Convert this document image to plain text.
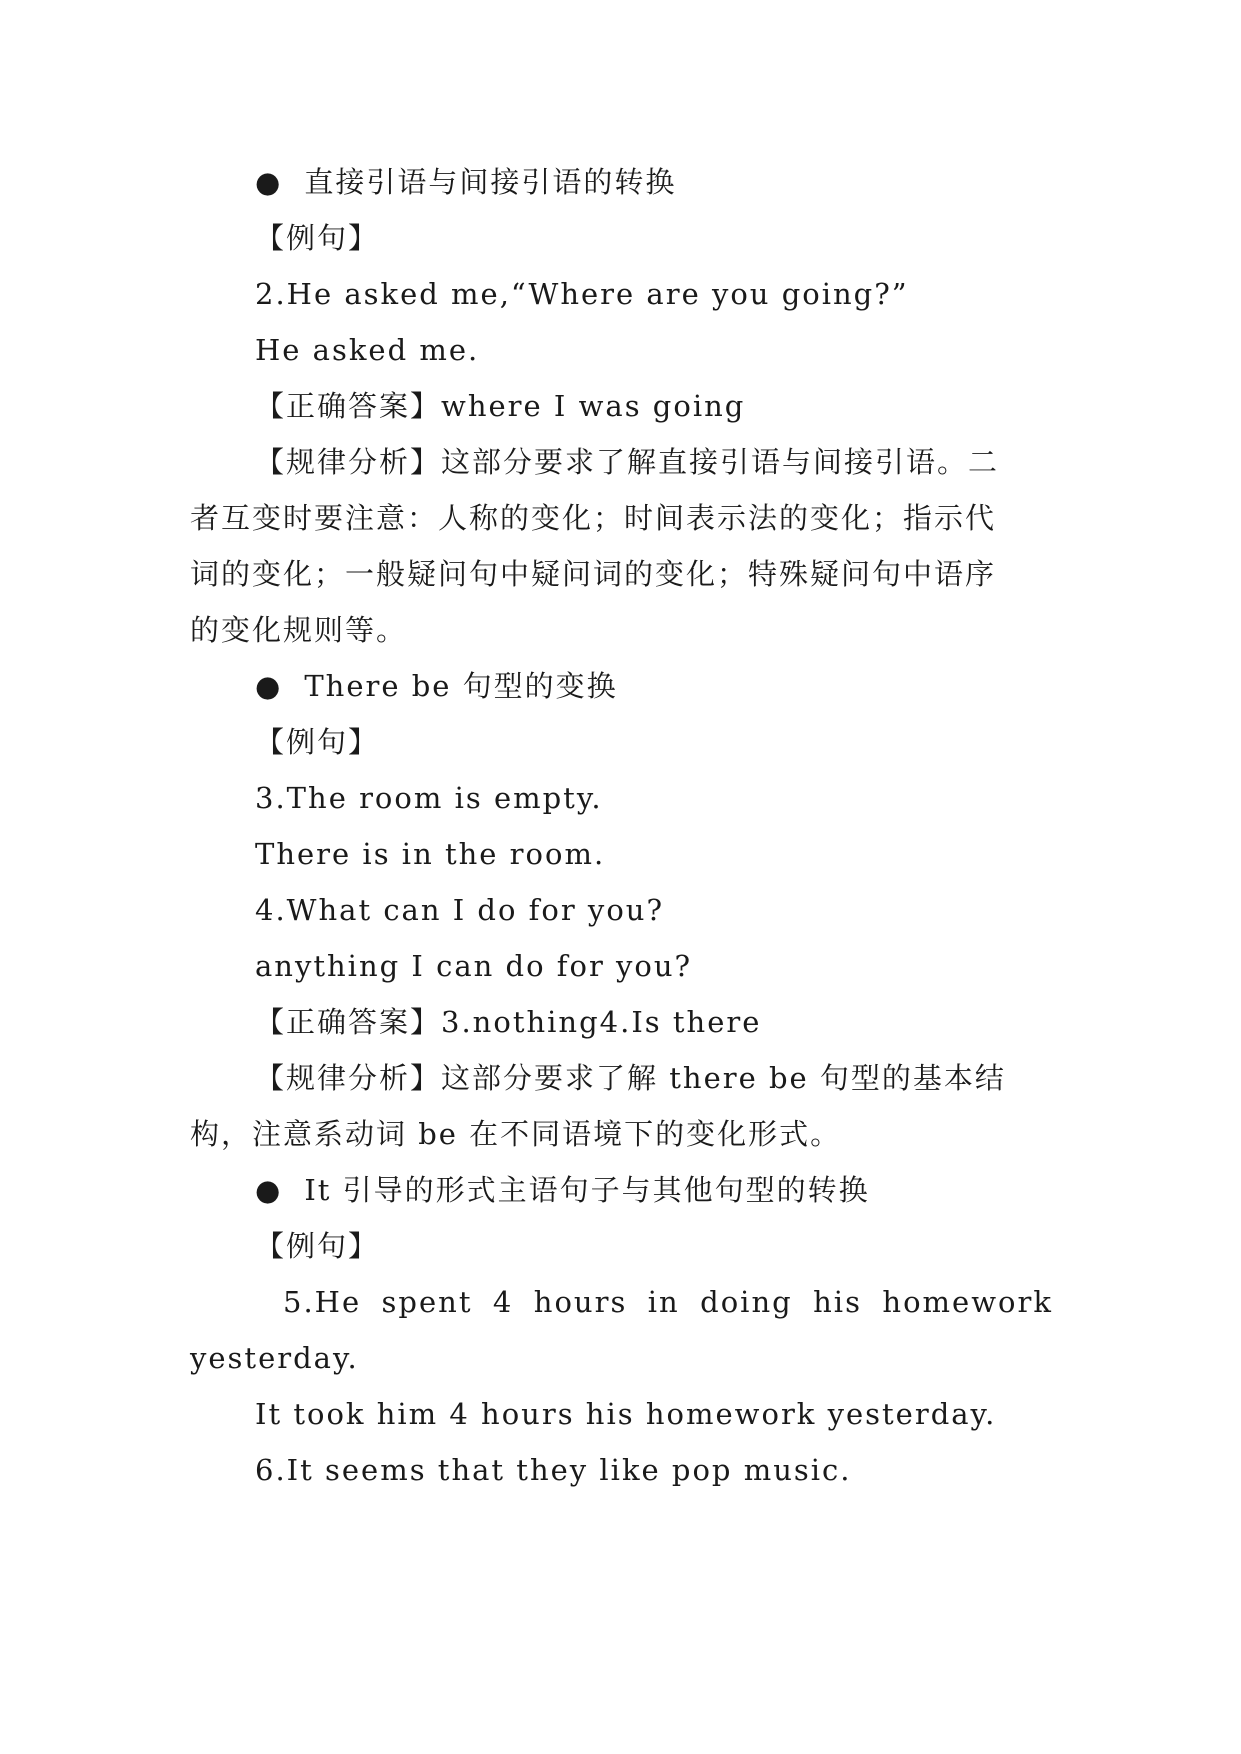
● 直接引语与间接引语的转换
【例句】
2.He asked me,“Where are you going?”
He asked me.
【正确答案】where I was going
【规律分析】这部分要求了解直接引语与间接引语。二
者互变时要注意：人称的变化；时间表示法的变化；指示代
词的变化；一般疑问句中疑问词的变化；特殊疑问句中语序
的变化规则等。
● There be 句型的变换
【例句】
3.The room is empty.
There is in the room.
4.What can I do for you?
anything I can do for you?
【正确答案】3.nothing4.Is there
【规律分析】这部分要求了解 there be 句型的基本结
构，注意系动词 be 在不同语境下的变化形式。
● It 引导的形式主语句子与其他句型的转换
【例句】
5.He spent 4 hours in doing his homework
yesterday.
It took him 4 hours his homework yesterday.
6.It seems that they like pop music.
